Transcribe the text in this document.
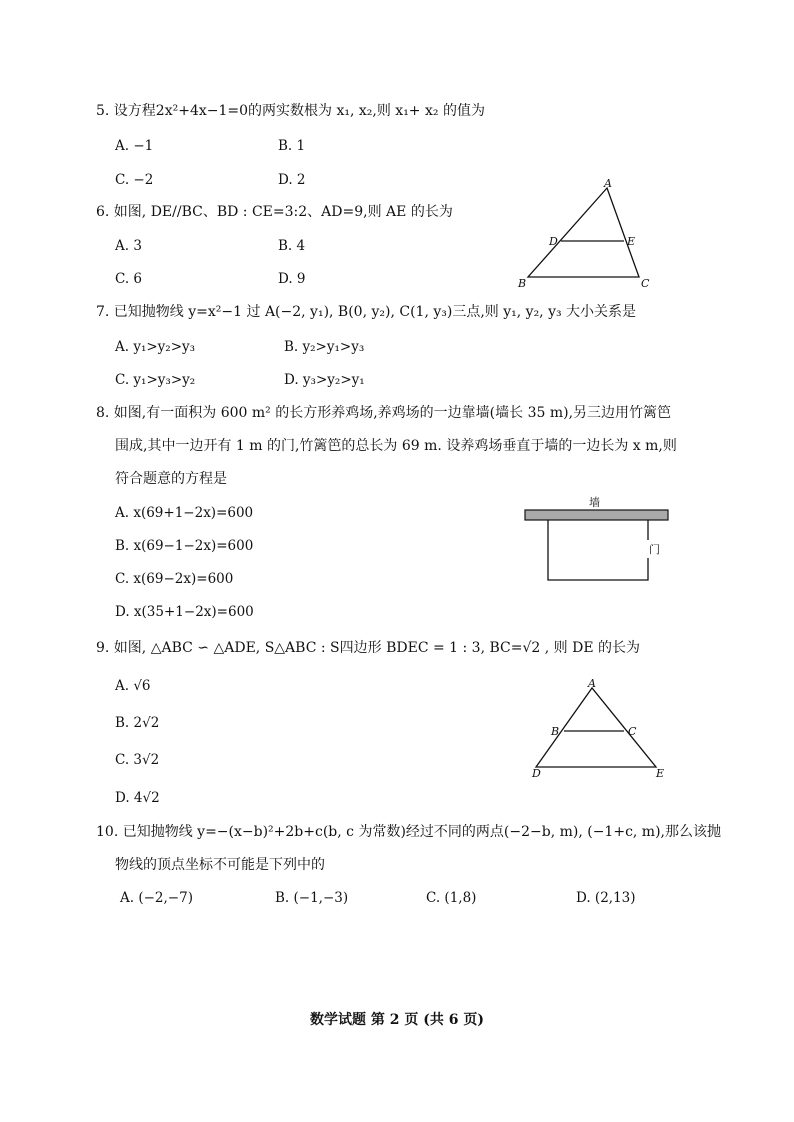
5. 设方程2x²+4x−1=0的两实数根为 x₁, x₂,则 x₁+ x₂ 的值为
A. −1	B. 1
C. −2	D. 2
6. 如图, DE//BC、BD : CE=3:2、AD=9,则 AE 的长为
A. 3	B. 4
C. 6	D. 9
A
B	C
D	E
7. 已知抛物线 y=x²−1 过 A(−2, y₁), B(0, y₂), C(1, y₃)三点,则 y₁, y₂, y₃ 大小关系是
A. y₁>y₂>y₃	B. y₂>y₁>y₃
C. y₁>y₃>y₂	D. y₃>y₂>y₁
8. 如图,有一面积为 600 m² 的长方形养鸡场,养鸡场的一边靠墙(墙长 35 m),另三边用竹篱笆
围成,其中一边开有 1 m 的门,竹篱笆的总长为 69 m. 设养鸡场垂直于墙的一边长为 x m,则
符合题意的方程是
A. x(69+1−2x)=600
B. x(69−1−2x)=600
C. x(69−2x)=600
D. x(35+1−2x)=600
墙
门
9. 如图, △ABC ∽ △ADE, S△ABC : S四边形 BDEC = 1 : 3, BC=√2 , 则 DE 的长为
A. √6
B. 2√2
C. 3√2
D. 4√2
A
B	C
D	E
10. 已知抛物线 y=−(x−b)²+2b+c(b, c 为常数)经过不同的两点(−2−b, m), (−1+c, m),那么该抛
物线的顶点坐标不可能是下列中的
A. (−2,−7)	B. (−1,−3)	C. (1,8)	D. (2,13)
数学试题 第 2 页 (共 6 页)
